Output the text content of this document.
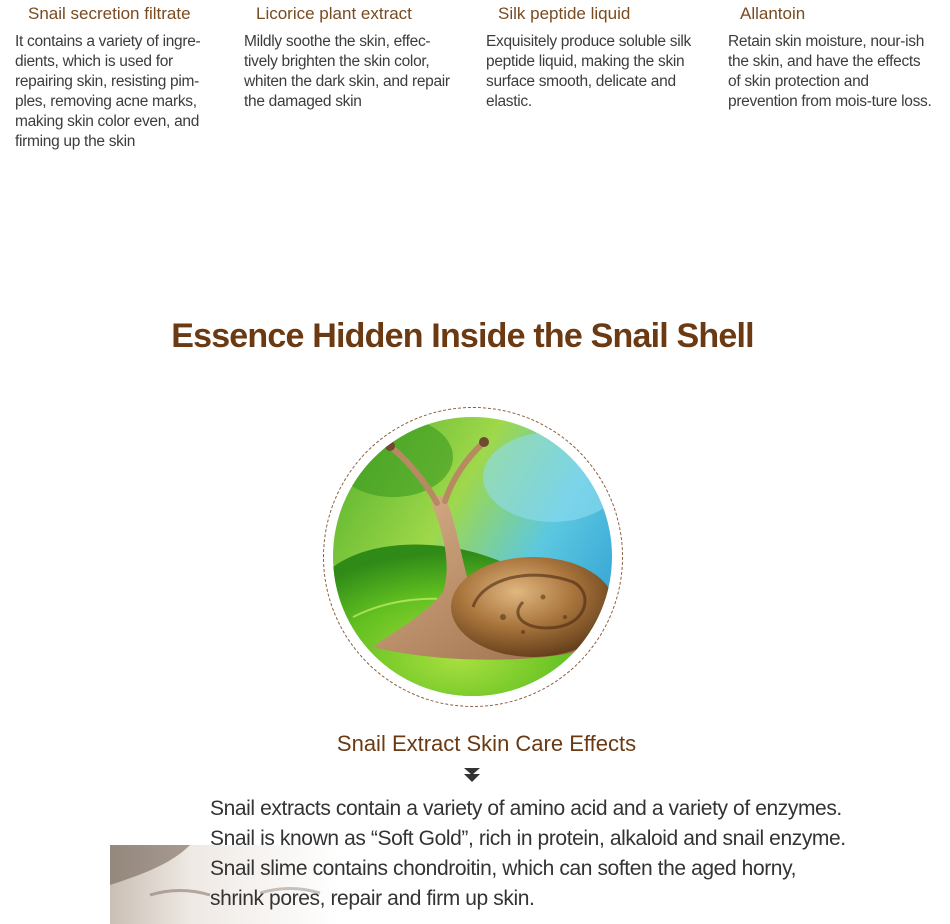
Snail secretion filtrate
It contains a variety of ingre-dients, which is used for repairing skin, resisting pim-ples, removing acne marks, making skin color even, and firming up the skin
Licorice plant extract
Mildly soothe the skin, effec-tively brighten the skin color, whiten the dark skin, and repair the damaged skin
Silk peptide liquid
Exquisitely produce soluble silk peptide liquid, making the skin surface smooth, delicate and elastic.
Allantoin
Retain skin moisture, nour-ish the skin, and have the effects of skin protection and prevention from mois-ture loss.
Essence Hidden Inside the Snail Shell
Snail Extract Skin Care Effects
Snail extracts contain a variety of amino acid and a variety of enzymes.
Snail is known as “Soft Gold”, rich in protein, alkaloid and snail enzyme.
Snail slime contains chondroitin, which can soften the aged horny,
shrink pores, repair and firm up skin.
